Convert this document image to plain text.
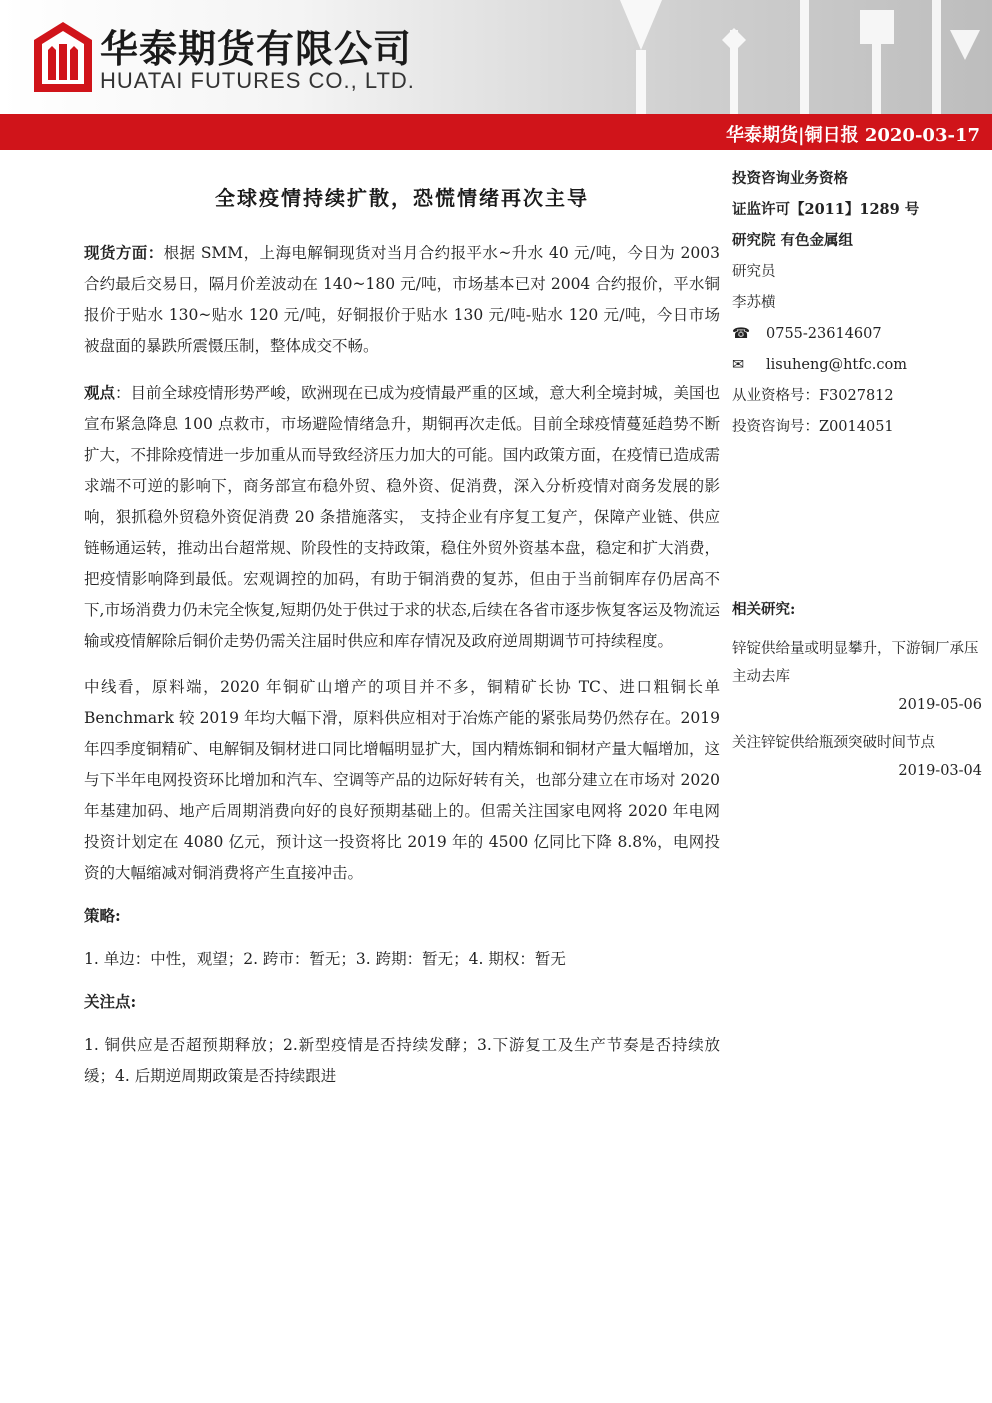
华泰期货有限公司
HUATAI FUTURES CO., LTD.
华泰期货|铜日报 2020-03-17
全球疫情持续扩散，恐慌情绪再次主导

现货方面：根据 SMM，上海电解铜现货对当月合约报平水~升水 40 元/吨，今日为 2003 合约最后交易日，隔月价差波动在 140~180 元/吨，市场基本已对 2004 合约报价，平水铜报价于贴水 130~贴水 120 元/吨，好铜报价于贴水 130 元/吨-贴水 120 元/吨，今日市场被盘面的暴跌所震慑压制，整体成交不畅。

观点：目前全球疫情形势严峻，欧洲现在已成为疫情最严重的区域，意大利全境封城，美国也宣布紧急降息 100 点救市，市场避险情绪急升，期铜再次走低。目前全球疫情蔓延趋势不断扩大，不排除疫情进一步加重从而导致经济压力加大的可能。国内政策方面，在疫情已造成需求端不可逆的影响下，商务部宣布稳外贸、稳外资、促消费，深入分析疫情对商务发展的影响，狠抓稳外贸稳外资促消费 20 条措施落实， 支持企业有序复工复产，保障产业链、供应链畅通运转，推动出台超常规、阶段性的支持政策，稳住外贸外资基本盘，稳定和扩大消费，把疫情影响降到最低。宏观调控的加码，有助于铜消费的复苏，但由于当前铜库存仍居高不下,市场消费力仍未完全恢复,短期仍处于供过于求的状态,后续在各省市逐步恢复客运及物流运输或疫情解除后铜价走势仍需关注届时供应和库存情况及政府逆周期调节可持续程度。

中线看，原料端，2020 年铜矿山增产的项目并不多，铜精矿长协 TC、进口粗铜长单 Benchmark 较 2019 年均大幅下滑，原料供应相对于冶炼产能的紧张局势仍然存在。2019 年四季度铜精矿、电解铜及铜材进口同比增幅明显扩大，国内精炼铜和铜材产量大幅增加，这与下半年电网投资环比增加和汽车、空调等产品的边际好转有关，也部分建立在市场对 2020 年基建加码、地产后周期消费向好的良好预期基础上的。但需关注国家电网将 2020 年电网投资计划定在 4080 亿元，预计这一投资将比 2019 年的 4500 亿同比下降 8.8%，电网投资的大幅缩减对铜消费将产生直接冲击。

策略:

1. 单边：中性，观望；2. 跨市：暂无；3. 跨期：暂无；4. 期权：暂无

关注点:

1. 铜供应是否超预期释放；2.新型疫情是否持续发酵；3.下游复工及生产节奏是否持续放缓；4. 后期逆周期政策是否持续跟进

投资咨询业务资格
证监许可【2011】1289 号
研究院 有色金属组
研究员
李苏横
☎ 0755-23614607
✉ lisuheng@htfc.com
从业资格号：F3027812
投资咨询号：Z0014051
相关研究:
锌锭供给量或明显攀升，下游铜厂承压主动去库
2019-05-06
关注锌锭供给瓶颈突破时间节点
2019-03-04
